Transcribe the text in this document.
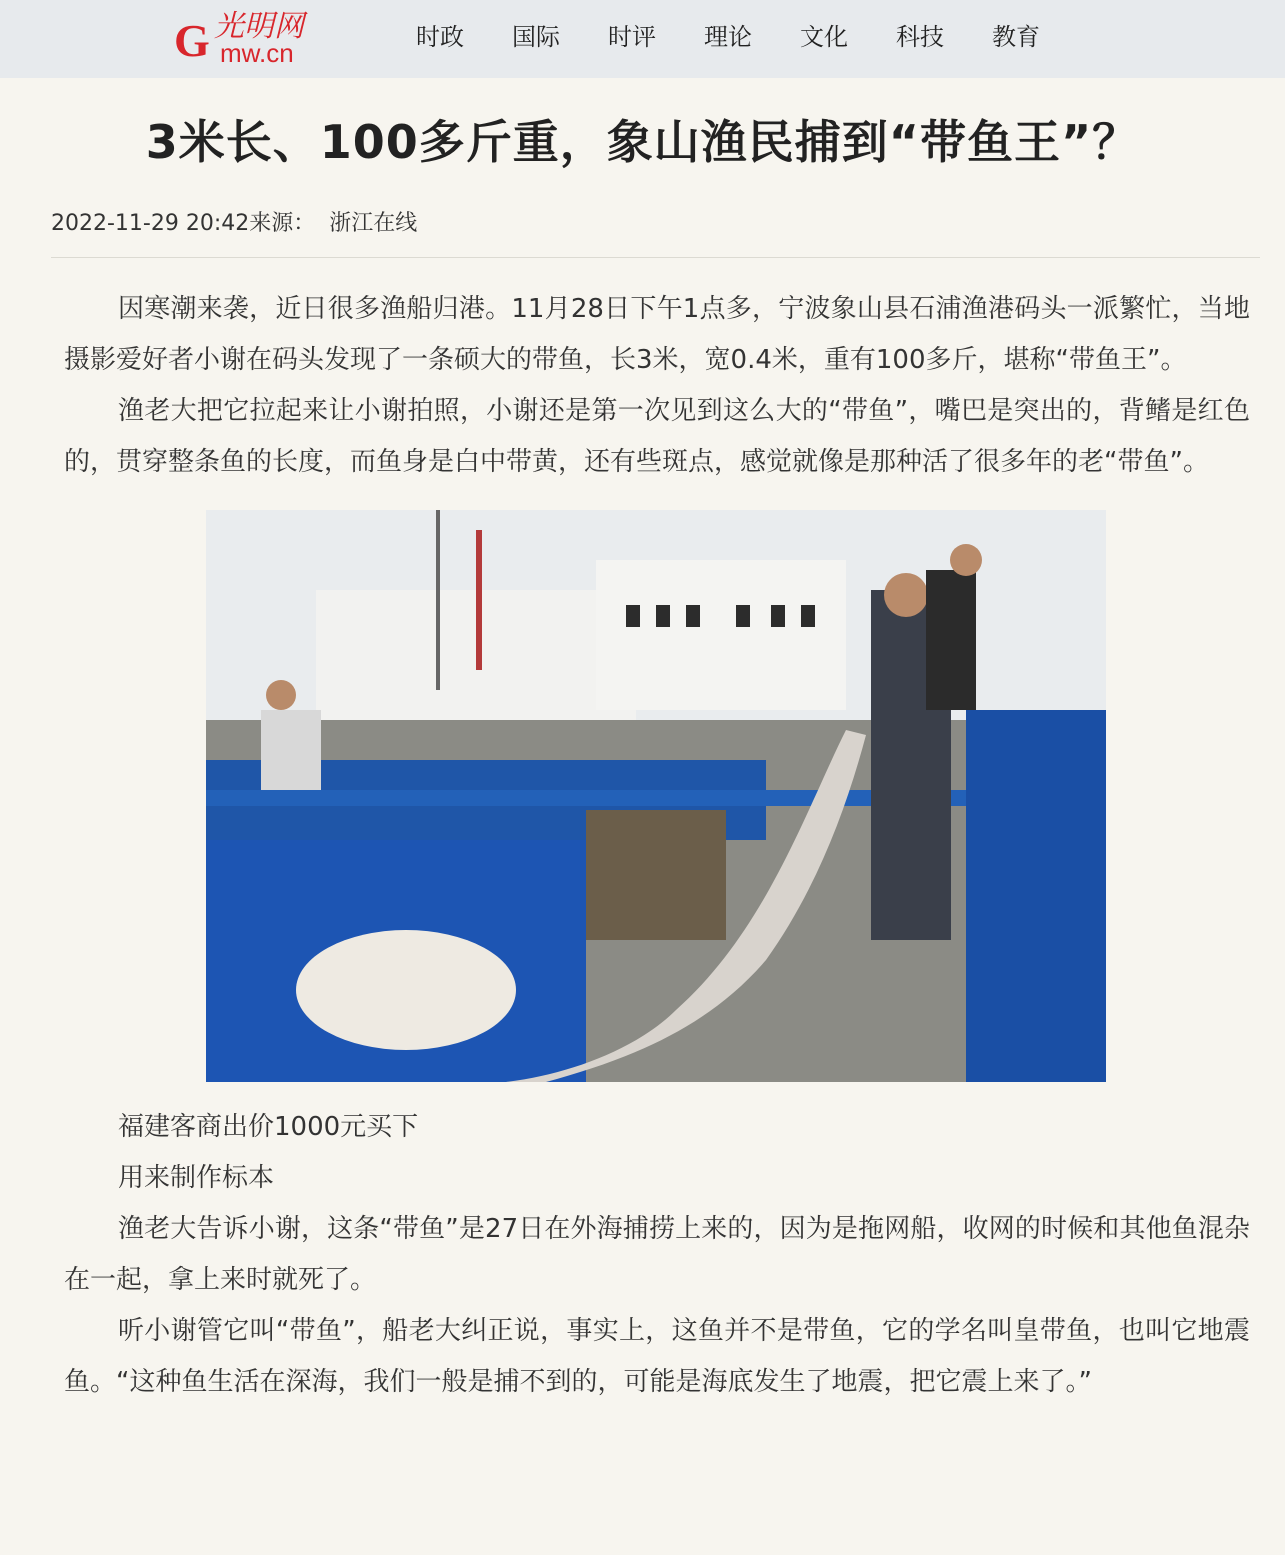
G 光明网
mw.cn
时政	国际	时评	理论	文化	科技	教育
3米长、100多斤重，象山渔民捕到“带鱼王”？
2022-11-29 20:42来源： 浙江在线

因寒潮来袭，近日很多渔船归港。11月28日下午1点多，宁波象山县石浦渔港码头一派繁忙，当地摄影爱好者小谢在码头发现了一条硕大的带鱼，长3米，宽0.4米，重有100多斤，堪称“带鱼王”。

渔老大把它拉起来让小谢拍照，小谢还是第一次见到这么大的“带鱼”，嘴巴是突出的，背鳍是红色的，贯穿整条鱼的长度，而鱼身是白中带黄，还有些斑点，感觉就像是那种活了很多年的老“带鱼”。

福建客商出价1000元买下

用来制作标本

渔老大告诉小谢，这条“带鱼”是27日在外海捕捞上来的，因为是拖网船，收网的时候和其他鱼混杂在一起，拿上来时就死了。

听小谢管它叫“带鱼”，船老大纠正说，事实上，这鱼并不是带鱼，它的学名叫皇带鱼，也叫它地震鱼。“这种鱼生活在深海，我们一般是捕不到的，可能是海底发生了地震，把它震上来了。”
